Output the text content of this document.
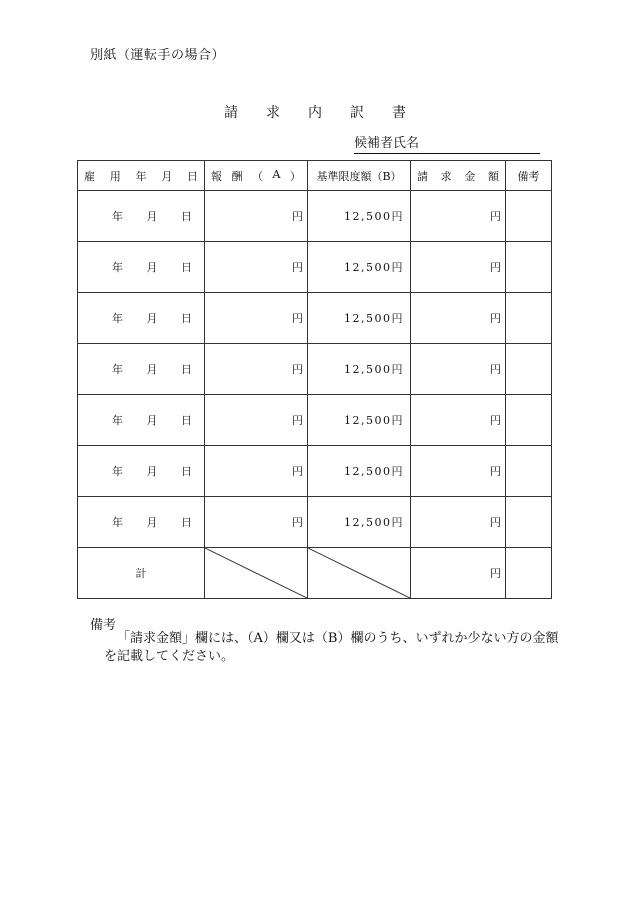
別紙（運転手の場合）
請 求 内 訳 書
候補者氏名
雇 用 年 月 日	報 酬 （ A ）	基準限度額（B）	請 求 金 額	備考

年 月 日	円	12,500円	円	

年 月 日	円	12,500円	円	

年 月 日	円	12,500円	円	

年 月 日	円	12,500円	円	

年 月 日	円	12,500円	円	

年 月 日	円	12,500円	円	

年 月 日	円	12,500円	円	
計			円	
備考
「請求金額」欄には、（A）欄又は（B）欄のうち、いずれか少ない方の金額を記載してください。
